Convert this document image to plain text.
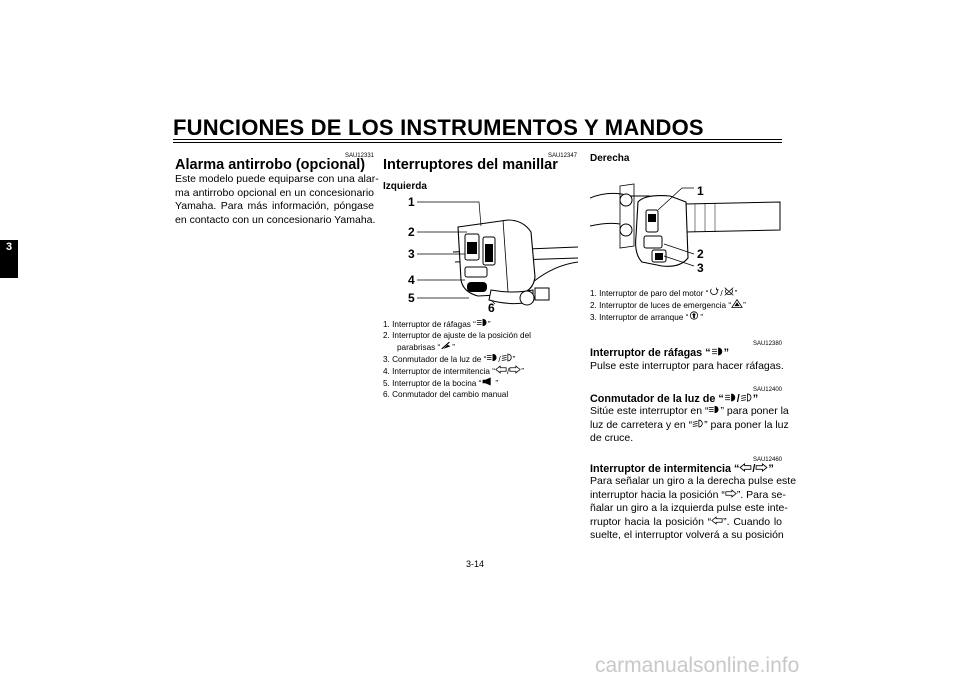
FUNCIONES DE LOS INSTRUMENTOS Y MANDOS
3
SAU12331
Alarma antirrobo (opcional)
Este modelo puede equiparse con una alar-
ma antirrobo opcional en un concesionario
Yamaha. Para más información, póngase
en contacto con un concesionario Yamaha.
SAU12347
Interruptores del manillar
Izquierda
1
2
3
4
5
6
1. Interruptor de ráfagas “ ”
2. Interruptor de ajuste de la posición del
parabrisas “ ”
3. Conmutador de la luz de “ / ”
4. Interruptor de intermitencia “ / ”
5. Interruptor de la bocina “ ”
6. Conmutador del cambio manual
Derecha
1
2
3
1. Interruptor de paro del motor “ / ”
2. Interruptor de luces de emergencia “ ”
3. Interruptor de arranque “ ”
SAU12380
Interruptor de ráfagas “ ”
Pulse este interruptor para hacer ráfagas.
SAU12400
Conmutador de la luz de “ / ”
Sitúe este interruptor en “ ” para poner la
luz de carretera y en “ ” para poner la luz
de cruce.
SAU12460
Interruptor de intermitencia “ / ”
Para señalar un giro a la derecha pulse este
interruptor hacia la posición “ ”. Para se-
ñalar un giro a la izquierda pulse este inte-
rruptor hacia la posición “ ”. Cuando lo
suelte, el interruptor volverá a su posición
3-14
carmanualsonline.info
